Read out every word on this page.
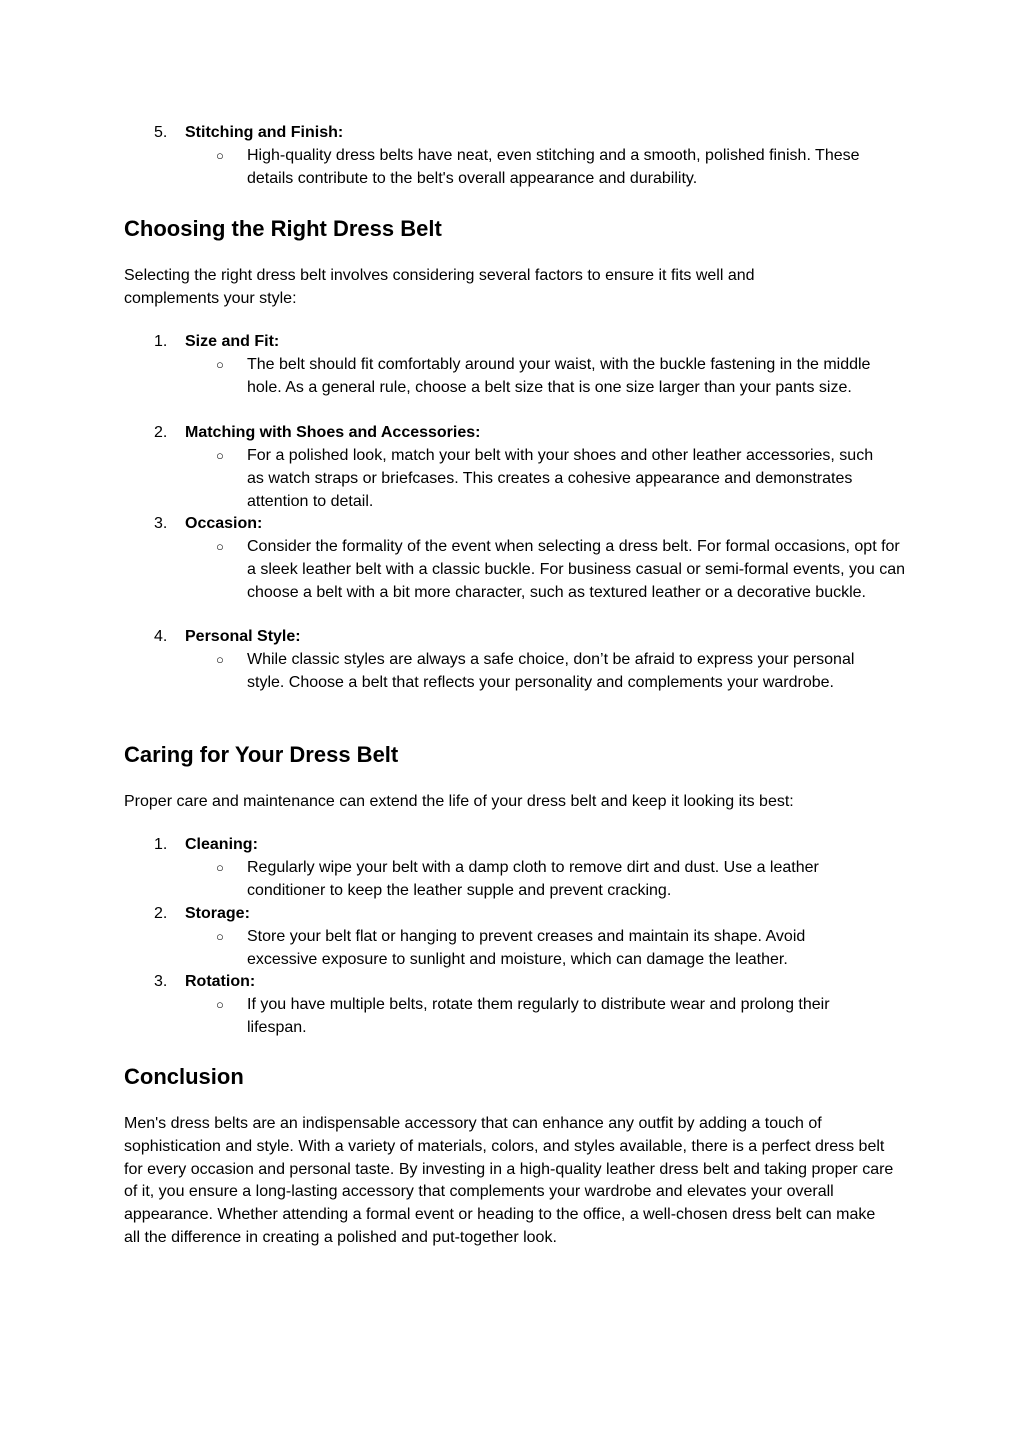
5. Stitching and Finish:
○ High-quality dress belts have neat, even stitching and a smooth, polished finish. These details contribute to the belt's overall appearance and durability.
Choosing the Right Dress Belt

Selecting the right dress belt involves considering several factors to ensure it fits well and complements your style:

1. Size and Fit:
○ The belt should fit comfortably around your waist, with the buckle fastening in the middle hole. As a general rule, choose a belt size that is one size larger than your pants size.
2. Matching with Shoes and Accessories:
○ For a polished look, match your belt with your shoes and other leather accessories, such as watch straps or briefcases. This creates a cohesive appearance and demonstrates attention to detail.
3. Occasion:
○ Consider the formality of the event when selecting a dress belt. For formal occasions, opt for a sleek leather belt with a classic buckle. For business casual or semi-formal events, you can choose a belt with a bit more character, such as textured leather or a decorative buckle.
4. Personal Style:
○ While classic styles are always a safe choice, don’t be afraid to express your personal style. Choose a belt that reflects your personality and complements your wardrobe.
Caring for Your Dress Belt

Proper care and maintenance can extend the life of your dress belt and keep it looking its best:

1. Cleaning:
○ Regularly wipe your belt with a damp cloth to remove dirt and dust. Use a leather conditioner to keep the leather supple and prevent cracking.
2. Storage:
○ Store your belt flat or hanging to prevent creases and maintain its shape. Avoid excessive exposure to sunlight and moisture, which can damage the leather.
3. Rotation:
○ If you have multiple belts, rotate them regularly to distribute wear and prolong their lifespan.
Conclusion

Men's dress belts are an indispensable accessory that can enhance any outfit by adding a touch of sophistication and style. With a variety of materials, colors, and styles available, there is a perfect dress belt for every occasion and personal taste. By investing in a high-quality leather dress belt and taking proper care of it, you ensure a long-lasting accessory that complements your wardrobe and elevates your overall appearance. Whether attending a formal event or heading to the office, a well-chosen dress belt can make all the difference in creating a polished and put-together look.
